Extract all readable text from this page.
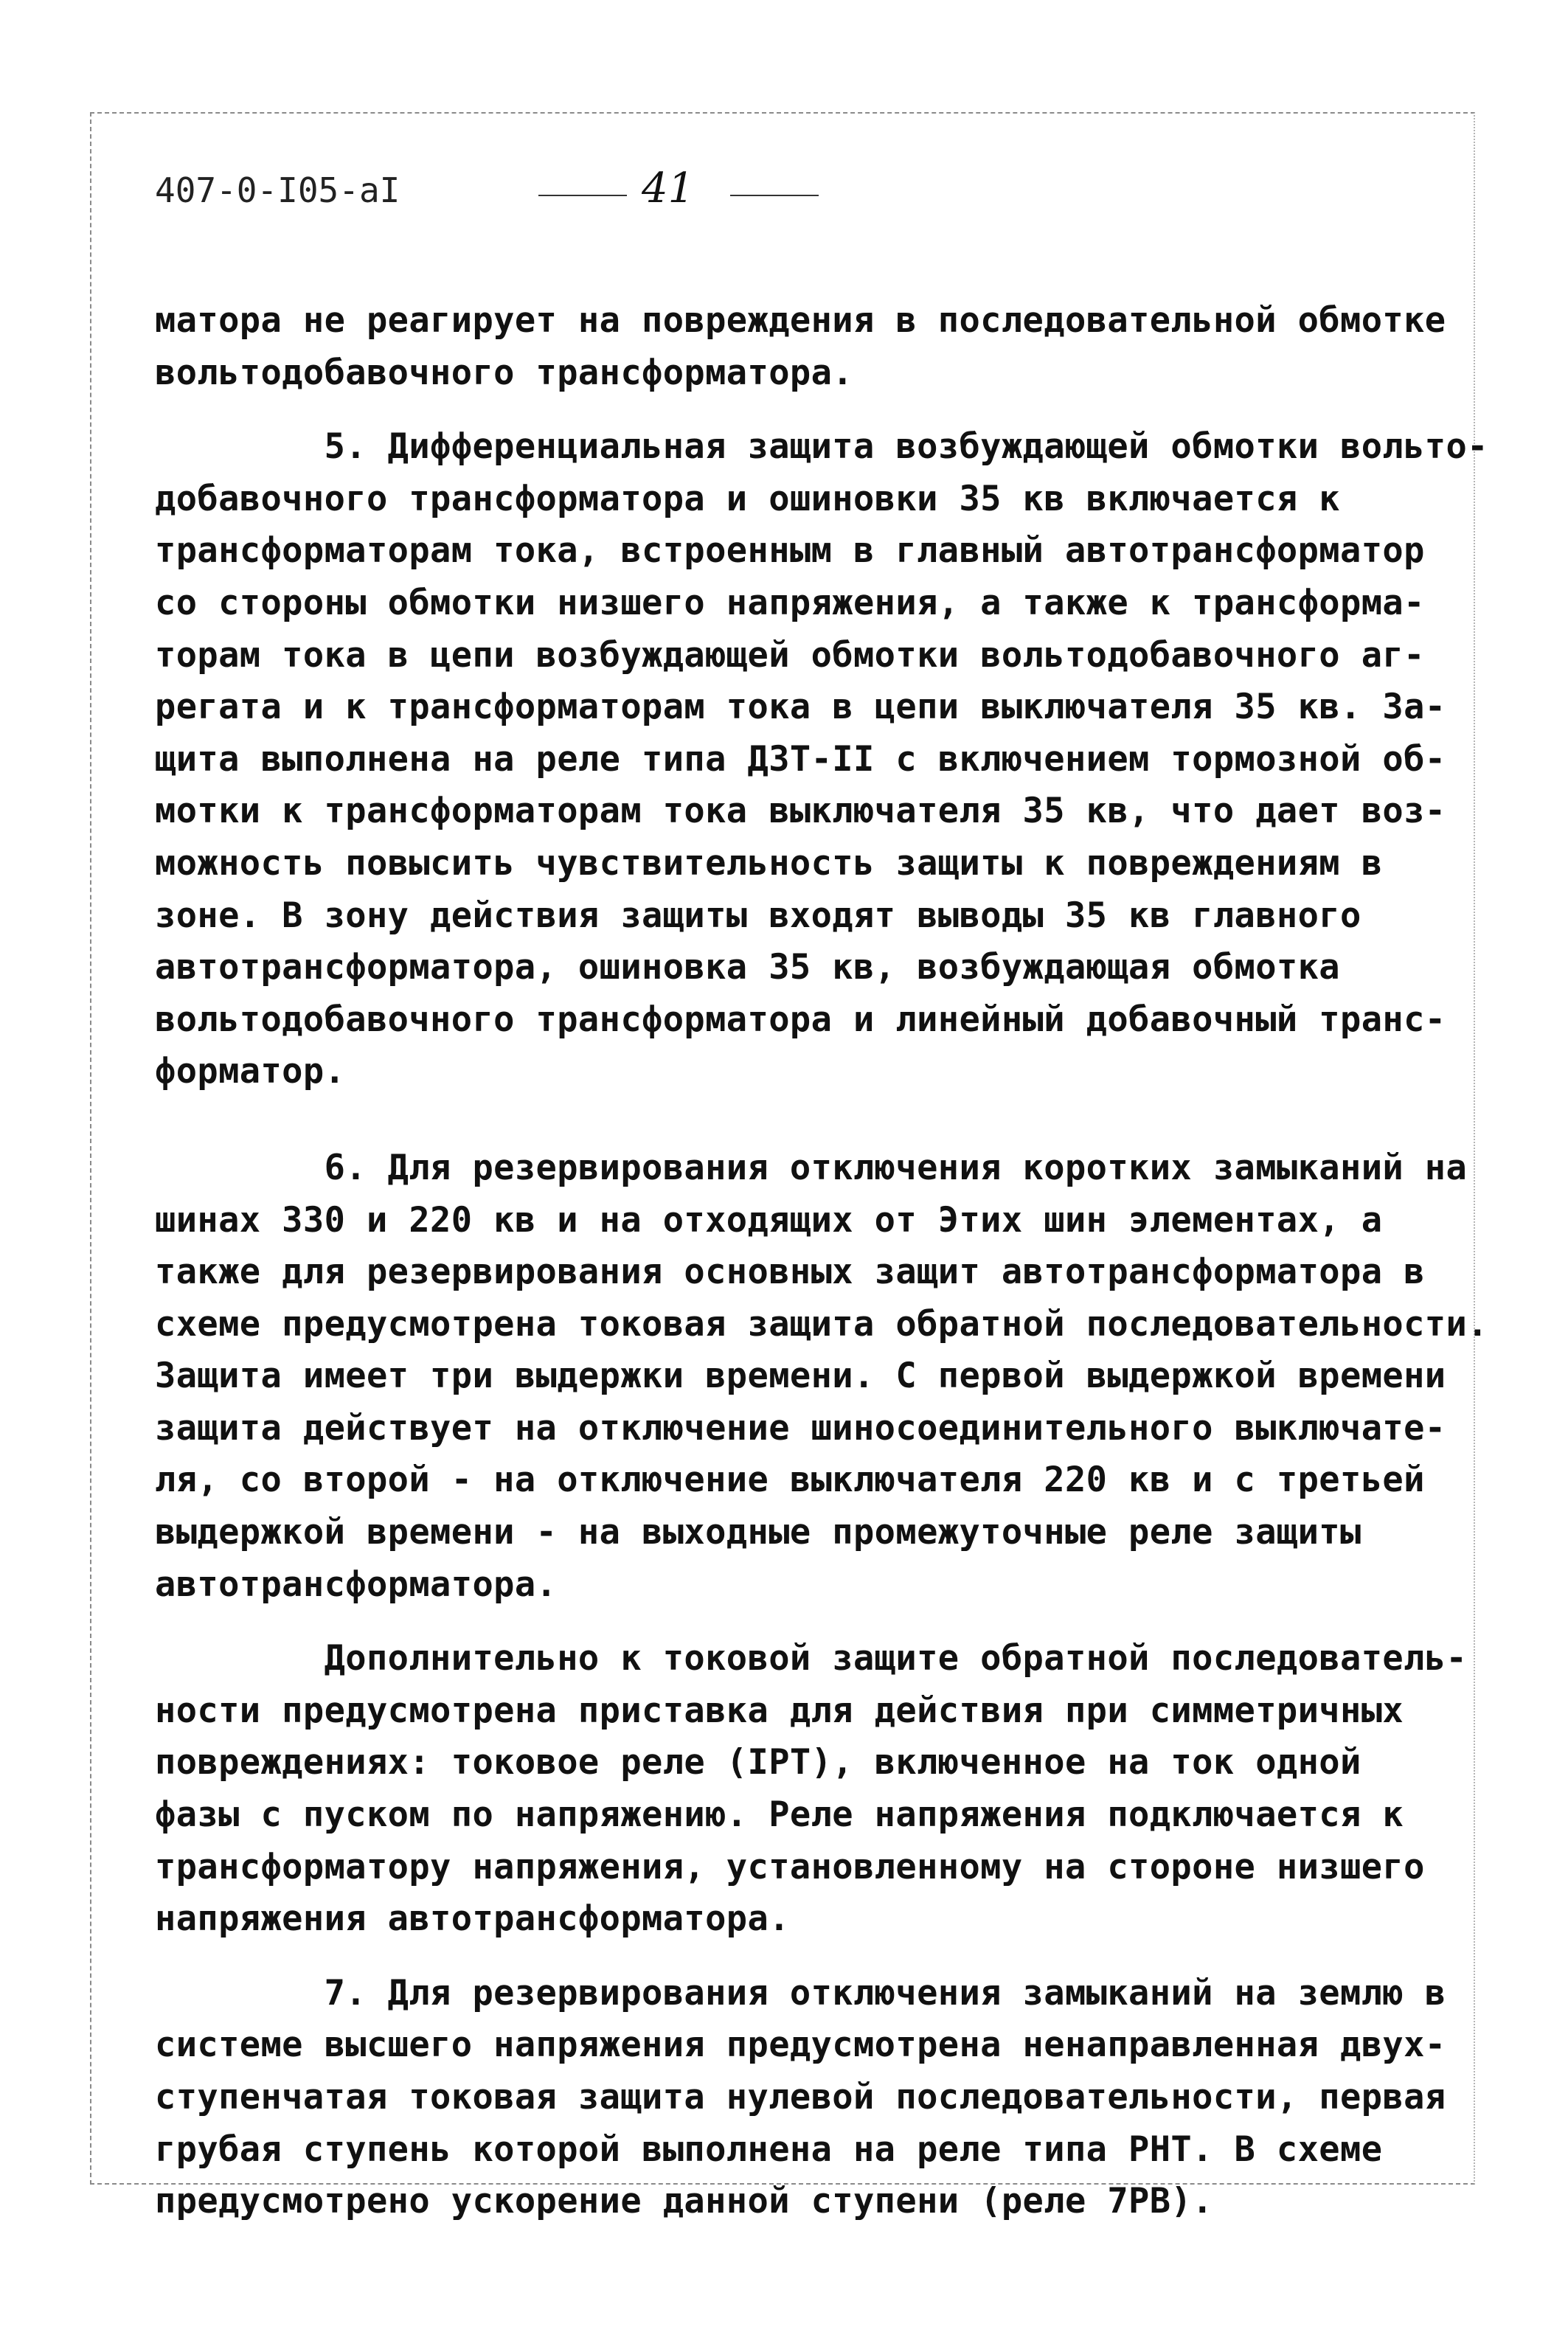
407-0-I05-aI	41
матора не реагирует на повреждения в последовательной обмотке
вольтодобавочного трансформатора.
5. Дифференциальная защита возбуждающей обмотки вольто-
добавочного трансформатора и ошиновки 35 кв включается к
трансформаторам тока, встроенным в главный автотрансформатор
со стороны обмотки низшего напряжения, а также к трансформа-
торам тока в цепи возбуждающей обмотки вольтодобавочного аг-
регата и к трансформаторам тока в цепи выключателя 35 кв. За-
щита выполнена на реле типа ДЗТ-II с включением тормозной об-
мотки к трансформаторам тока выключателя 35 кв, что дает воз-
можность повысить чувствительность защиты к повреждениям в
зоне. В зону действия защиты входят выводы 35 кв главного
автотрансформатора, ошиновка 35 кв, возбуждающая обмотка
вольтодобавочного трансформатора и линейный добавочный транс-
форматор.
6. Для резервирования отключения коротких замыканий на
шинах 330 и 220 кв и на отходящих от Этих шин элементах, а
также для резервирования основных защит автотрансформатора в
схеме предусмотрена токовая защита обратной последовательности.
Защита имеет три выдержки времени. С первой выдержкой времени
защита действует на отключение шиносоединительного выключате-
ля, со второй - на отключение выключателя 220 кв и с третьей
выдержкой времени - на выходные промежуточные реле защиты
автотрансформатора.
Дополнительно к токовой защите обратной последователь-
ности предусмотрена приставка для действия при симметричных
повреждениях: токовое реле (IРТ), включенное на ток одной
фазы с пуском по напряжению. Реле напряжения подключается к
трансформатору напряжения, установленному на стороне низшего
напряжения автотрансформатора.
7. Для резервирования отключения замыканий на землю в
системе высшего напряжения предусмотрена ненаправленная двух-
ступенчатая токовая защита нулевой последовательности, первая
грубая ступень которой выполнена на реле типа РНТ. В схеме
предусмотрено ускорение данной ступени (реле 7РВ).
